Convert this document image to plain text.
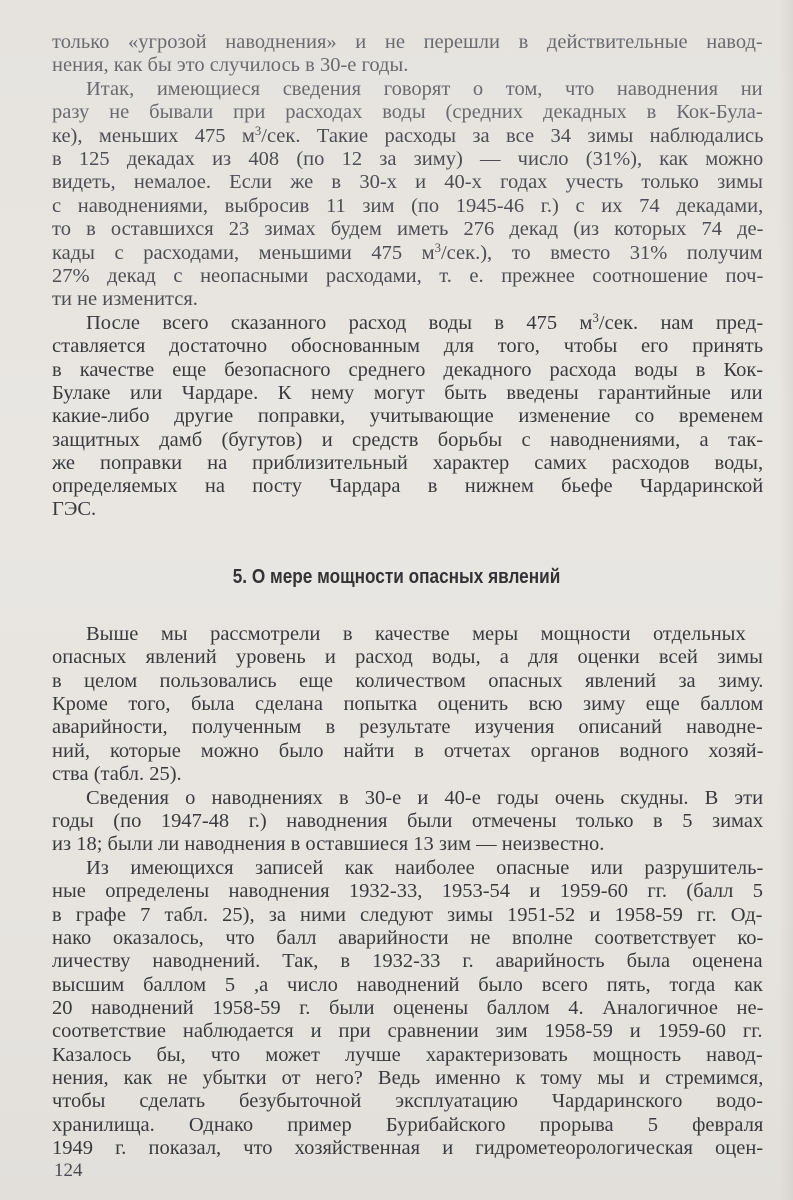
только «угрозой наводнения» и не перешли в действительные навод-
нения, как бы это случилось в 30-е годы.
Итак, имеющиеся сведения говорят о том, что наводнения ни
разу не бывали при расходах воды (средних декадных в Кок-Була-
ке), меньших 475 $м^3$/сек. Такие расходы за все 34 зимы наблюдались
в 125 декадах из 408 (по 12 за зиму) — число (31%), как можно
видеть, немалое. Если же в 30-х и 40-х годах учесть только зимы
с наводнениями, выбросив 11 зим (по 1945-46 г.) с их 74 декадами,
то в оставшихся 23 зимах будем иметь 276 декад (из которых 74 де-
кады с расходами, меньшими 475 $м^3/сек$.), то вместо 31% получим
27% декад с неопасными расходами, т. е. прежнее соотношение поч-
ти не изменится.
После всего сказанного расход воды в 475 $м^3$/сек. нам пред-
ставляется достаточно обоснованным для того, чтобы его принять
в качестве еще безопасного среднего декадного расхода воды в Кок-
Булаке или Чардаре. К нему могут быть введены гарантийные или
какие-либо другие поправки, учитывающие изменение со временем
защитных дамб (бугутов) и средств борьбы с наводнениями, а так-
же поправки на приблизительный характер самих расходов воды,
определяемых на посту Чардара в нижнем бьефе Чардаринской
ГЭС.
5. О мере мощности опасных явлений
Выше мы рассмотрели в качестве меры мощности отдельных
опасных явлений уровень и расход воды, а для оценки всей зимы
в целом пользовались еще количеством опасных явлений за зиму.
Кроме того, была сделана попытка оценить всю зиму еще баллом
аварийности, полученным в результате изучения описаний наводне-
ний, которые можно было найти в отчетах органов водного хозяй-
ства (табл. 25).
Сведения о наводнениях в 30-е и 40-е годы очень скудны. В эти
годы (по 1947-48 г.) наводнения были отмечены только в 5 зимах
из 18; были ли наводнения в оставшиеся 13 зим — неизвестно.
Из имеющихся записей как наиболее опасные или разрушитель-
ные определены наводнения 1932-33, 1953-54 и 1959-60 гг. (балл 5
в графе 7 табл. 25), за ними следуют зимы 1951-52 и 1958-59 гг. Од-
нако оказалось, что балл аварийности не вполне соответствует ко-
личеству наводнений. Так, в 1932-33 г. аварийность была оценена
высшим баллом 5 ,а число наводнений было всего пять, тогда как
20 наводнений 1958-59 г. были оценены баллом 4. Аналогичное не-
соответствие наблюдается и при сравнении зим 1958-59 и 1959-60 гг.
Казалось бы, что может лучше характеризовать мощность навод-
нения, как не убытки от него? Ведь именно к тому мы и стремимся,
чтобы сделать безубыточной эксплуатацию Чардаринского водо-
хранилища. Однако пример Бурибайского прорыва 5 февраля
1949 г. показал, что хозяйственная и гидрометеорологическая оцен-
124
